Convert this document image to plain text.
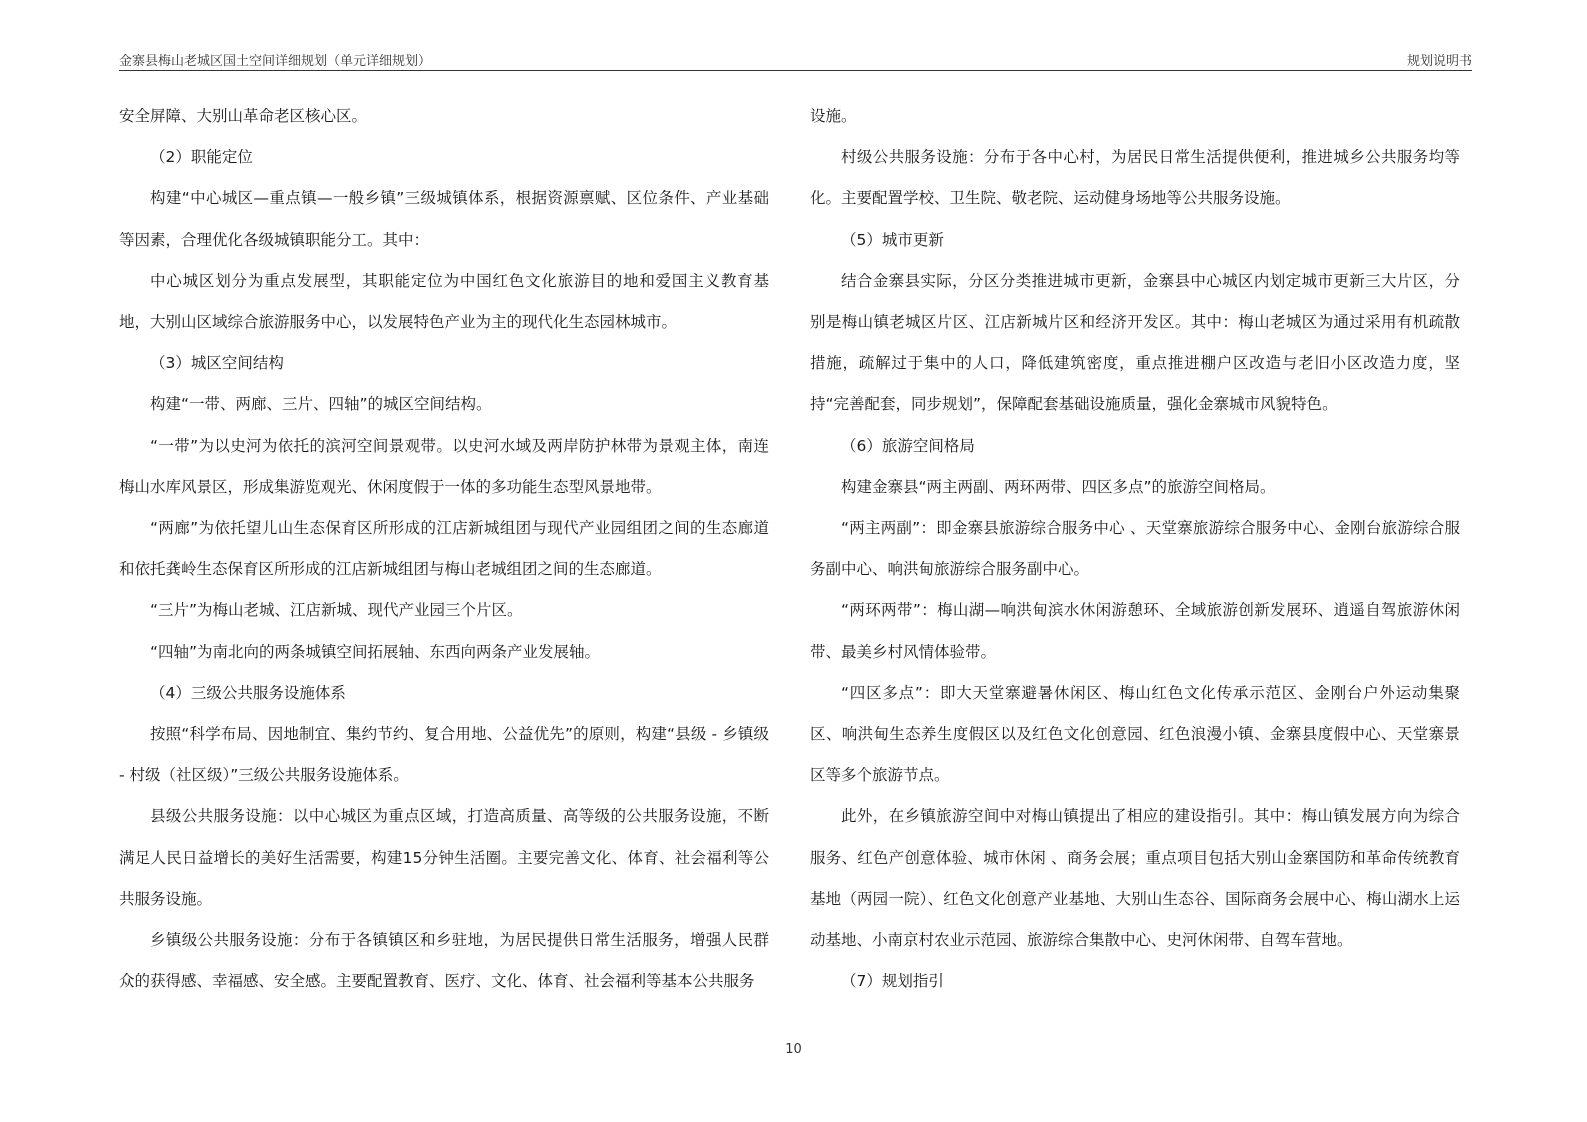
金寨县梅山老城区国土空间详细规划（单元详细规划）	规划说明书

安全屏障、大别山革命老区核心区。

（2）职能定位

构建“中心城区—重点镇—一般乡镇”三级城镇体系，根据资源禀赋、区位条件、产业基础等因素，合理优化各级城镇职能分工。其中：

中心城区划分为重点发展型，其职能定位为中国红色文化旅游目的地和爱国主义教育基地，大别山区域综合旅游服务中心，以发展特色产业为主的现代化生态园林城市。

（3）城区空间结构

构建“一带、两廊、三片、四轴”的城区空间结构。

“一带”为以史河为依托的滨河空间景观带。以史河水域及两岸防护林带为景观主体，南连梅山水库风景区，形成集游览观光、休闲度假于一体的多功能生态型风景地带。

“两廊”为依托望儿山生态保育区所形成的江店新城组团与现代产业园组团之间的生态廊道和依托龚岭生态保育区所形成的江店新城组团与梅山老城组团之间的生态廊道。

“三片”为梅山老城、江店新城、现代产业园三个片区。

“四轴”为南北向的两条城镇空间拓展轴、东西向两条产业发展轴。

（4）三级公共服务设施体系

按照“科学布局、因地制宜、集约节约、复合用地、公益优先”的原则，构建“县级 - 乡镇级 - 村级（社区级）”三级公共服务设施体系。

县级公共服务设施：以中心城区为重点区域，打造高质量、高等级的公共服务设施，不断满足人民日益增长的美好生活需要，构建15分钟生活圈。主要完善文化、体育、社会福利等公共服务设施。

乡镇级公共服务设施：分布于各镇镇区和乡驻地，为居民提供日常生活服务，增强人民群众的获得感、幸福感、安全感。主要配置教育、医疗、文化、体育、社会福利等基本公共服务

设施。

村级公共服务设施：分布于各中心村，为居民日常生活提供便利，推进城乡公共服务均等化。主要配置学校、卫生院、敬老院、运动健身场地等公共服务设施。

（5）城市更新

结合金寨县实际，分区分类推进城市更新，金寨县中心城区内划定城市更新三大片区，分别是梅山镇老城区片区、江店新城片区和经济开发区。其中：梅山老城区为通过采用有机疏散措施，疏解过于集中的人口，降低建筑密度，重点推进棚户区改造与老旧小区改造力度，坚持“完善配套，同步规划”，保障配套基础设施质量，强化金寨城市风貌特色。

（6）旅游空间格局

构建金寨县“两主两副、两环两带、四区多点”的旅游空间格局。

“两主两副”：即金寨县旅游综合服务中心 、天堂寨旅游综合服务中心、金刚台旅游综合服务副中心、响洪甸旅游综合服务副中心。

“两环两带”：梅山湖—响洪甸滨水休闲游憩环、全域旅游创新发展环、逍遥自驾旅游休闲带、最美乡村风情体验带。

“四区多点”：即大天堂寨避暑休闲区、梅山红色文化传承示范区、金刚台户外运动集聚区、响洪甸生态养生度假区以及红色文化创意园、红色浪漫小镇、金寨县度假中心、天堂寨景区等多个旅游节点。

此外，在乡镇旅游空间中对梅山镇提出了相应的建设指引。其中：梅山镇发展方向为综合服务、红色产创意体验、城市休闲 、商务会展；重点项目包括大别山金寨国防和革命传统教育基地（两园一院）、红色文化创意产业基地、大别山生态谷、国际商务会展中心、梅山湖水上运动基地、小南京村农业示范园、旅游综合集散中心、史河休闲带、自驾车营地。

（7）规划指引

10
